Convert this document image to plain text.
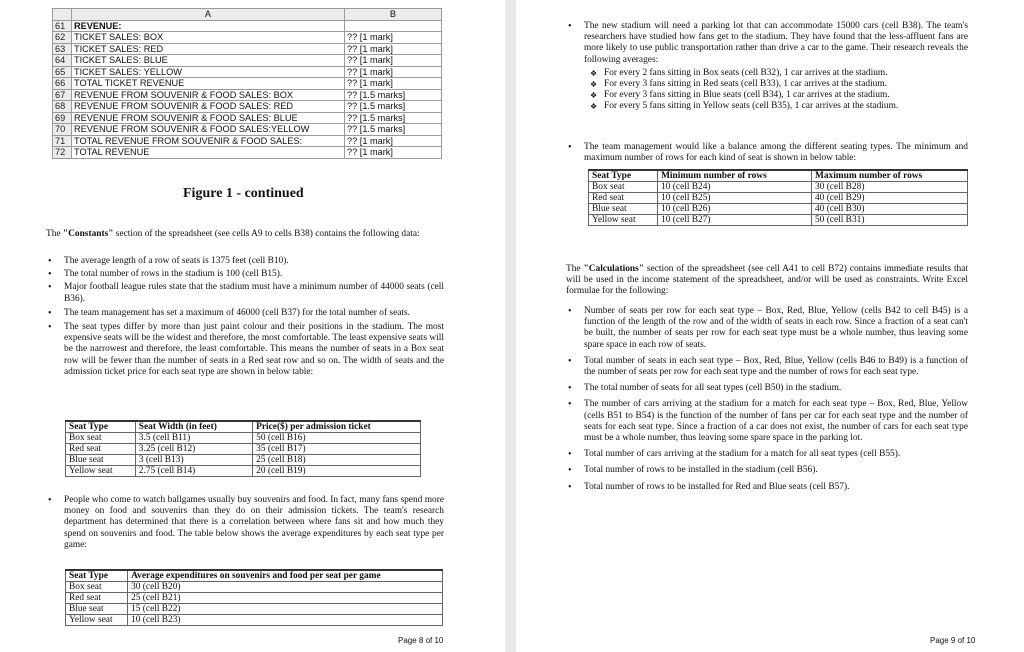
	A	B
61	REVENUE:	
62	TICKET SALES: BOX	?? [1 mark]
63	TICKET SALES: RED	?? [1 mark]
64	TICKET SALES: BLUE	?? [1 mark]
65	TICKET SALES: YELLOW	?? [1 mark]
66	TOTAL TICKET REVENUE	?? [1 mark]
67	REVENUE FROM SOUVENIR & FOOD SALES: BOX	?? [1.5 marks]
68	REVENUE FROM SOUVENIR & FOOD SALES: RED	?? [1.5 marks]
69	REVENUE FROM SOUVENIR & FOOD SALES: BLUE	?? [1.5 marks]
70	REVENUE FROM SOUVENIR & FOOD SALES:YELLOW	?? [1.5 marks]
71	TOTAL REVENUE FROM SOUVENIR & FOOD SALES:	?? [1 mark]
72	TOTAL REVENUE	?? [1 mark]
Figure 1 - continued
The "Constants" section of the spreadsheet (see cells A9 to cells B38) contains the following data:
• The average length of a row of seats is 1375 feet (cell B10).
• The total number of rows in the stadium is 100 (cell B15).
• Major football league rules state that the stadium must have a minimum number of 44000 seats (cell B36).
• The team management has set a maximum of 46000 (cell B37) for the total number of seats.
• The seat types differ by more than just paint colour and their positions in the stadium. The most expensive seats will be the widest and therefore, the most comfortable. The least expensive seats will be the narrowest and therefore, the least comfortable. This means the number of seats in a Box seat row will be fewer than the number of seats in a Red seat row and so on. The width of seats and the admission ticket price for each seat type are shown in below table:
Seat Type	Seat Width (in feet)	Price($) per admission ticket
Box seat	3.5 (cell B11)	50 (cell B16)
Red seat	3.25 (cell B12)	35 (cell B17)
Blue seat	3 (cell B13)	25 (cell B18)
Yellow seat	2.75 (cell B14)	20 (cell B19)
• People who come to watch ballgames usually buy souvenirs and food. In fact, many fans spend more money on food and souvenirs than they do on their admission tickets. The team's research department has determined that there is a correlation between where fans sit and how much they spend on souvenirs and food. The table below shows the average expenditures by each seat type per game:
Seat Type	Average expenditures on souvenirs and food per seat per game
Box seat	30 (cell B20)
Red seat	25 (cell B21)
Blue seat	15 (cell B22)
Yellow seat	10 (cell B23)
Page 8 of 10
• The new stadium will need a parking lot that can accommodate 15000 cars (cell B38). The team's researchers have studied how fans get to the stadium. They have found that the less-affluent fans are more likely to use public transportation rather than drive a car to the game. Their research reveals the following averages:
❖ For every 2 fans sitting in Box seats (cell B32), 1 car arrives at the stadium.
❖ For every 3 fans sitting in Red seats (cell B33), 1 car arrives at the stadium.
❖ For every 3 fans sitting in Blue seats (cell B34), 1 car arrives at the stadium.
❖ For every 5 fans sitting in Yellow seats (cell B35), 1 car arrives at the stadium.
• The team management would like a balance among the different seating types. The minimum and maximum number of rows for each kind of seat is shown in below table:
Seat Type	Minimum number of rows	Maximum number of rows
Box seat	10 (cell B24)	30 (cell B28)
Red seat	10 (cell B25)	40 (cell B29)
Blue seat	10 (cell B26)	40 (cell B30)
Yellow seat	10 (cell B27)	50 (cell B31)
The "Calculations" section of the spreadsheet (see cell A41 to cell B72) contains immediate results that will be used in the income statement of the spreadsheet, and/or will be used as constraints. Write Excel formulae for the following:
• Number of seats per row for each seat type – Box, Red, Blue, Yellow (cells B42 to cell B45) is a function of the length of the row and of the width of seats in each row. Since a fraction of a seat can't be built, the number of seats per row for each seat type must be a whole number, thus leaving some spare space in each row of seats.
• Total number of seats in each seat type – Box, Red, Blue, Yellow (cells B46 to B49) is a function of the number of seats per row for each seat type and the number of rows for each seat type.
• The total number of seats for all seat types (cell B50) in the stadium.
• The number of cars arriving at the stadium for a match for each seat type – Box, Red, Blue, Yellow (cells B51 to B54) is the function of the number of fans per car for each seat type and the number of seats for each seat type. Since a fraction of a car does not exist, the number of cars for each seat type must be a whole number, thus leaving some spare space in the parking lot.
• Total number of cars arriving at the stadium for a match for all seat types (cell B55).
• Total number of rows to be installed in the stadium (cell B56).
• Total number of rows to be installed for Red and Blue seats (cell B57).
Page 9 of 10
